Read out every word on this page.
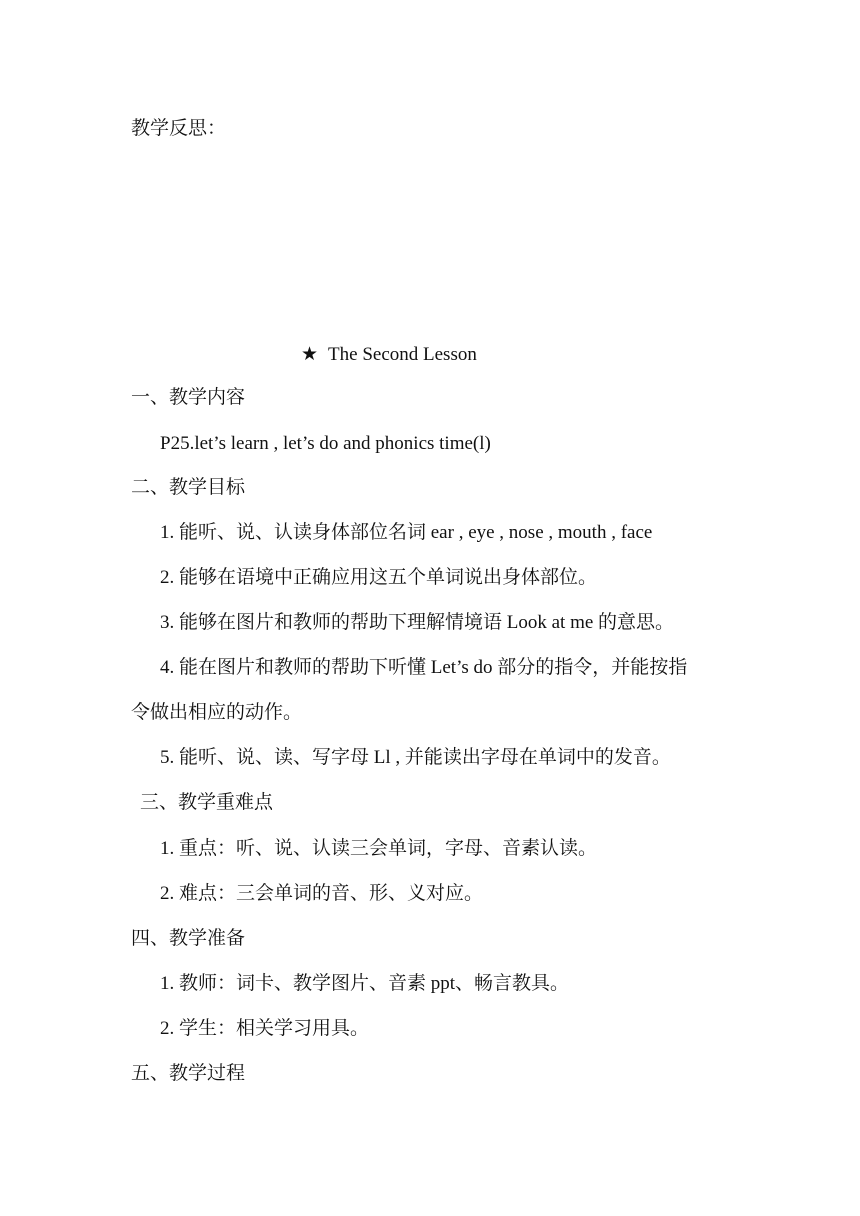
教学反思：
★ The Second Lesson
一、教学内容
P25.let’s learn , let’s do and phonics time(l)
二、教学目标
1. 能听、说、认读身体部位名词 ear , eye , nose , mouth , face
2. 能够在语境中正确应用这五个单词说出身体部位。
3. 能够在图片和教师的帮助下理解情境语 Look at me 的意思。
4. 能在图片和教师的帮助下听懂 Let’s do 部分的指令，并能按指
令做出相应的动作。
5. 能听、说、读、写字母 Ll , 并能读出字母在单词中的发音。
三、教学重难点
1. 重点：听、说、认读三会单词，字母、音素认读。
2. 难点：三会单词的音、形、义对应。
四、教学准备
1. 教师：词卡、教学图片、音素 ppt、畅言教具。
2. 学生：相关学习用具。
五、教学过程
